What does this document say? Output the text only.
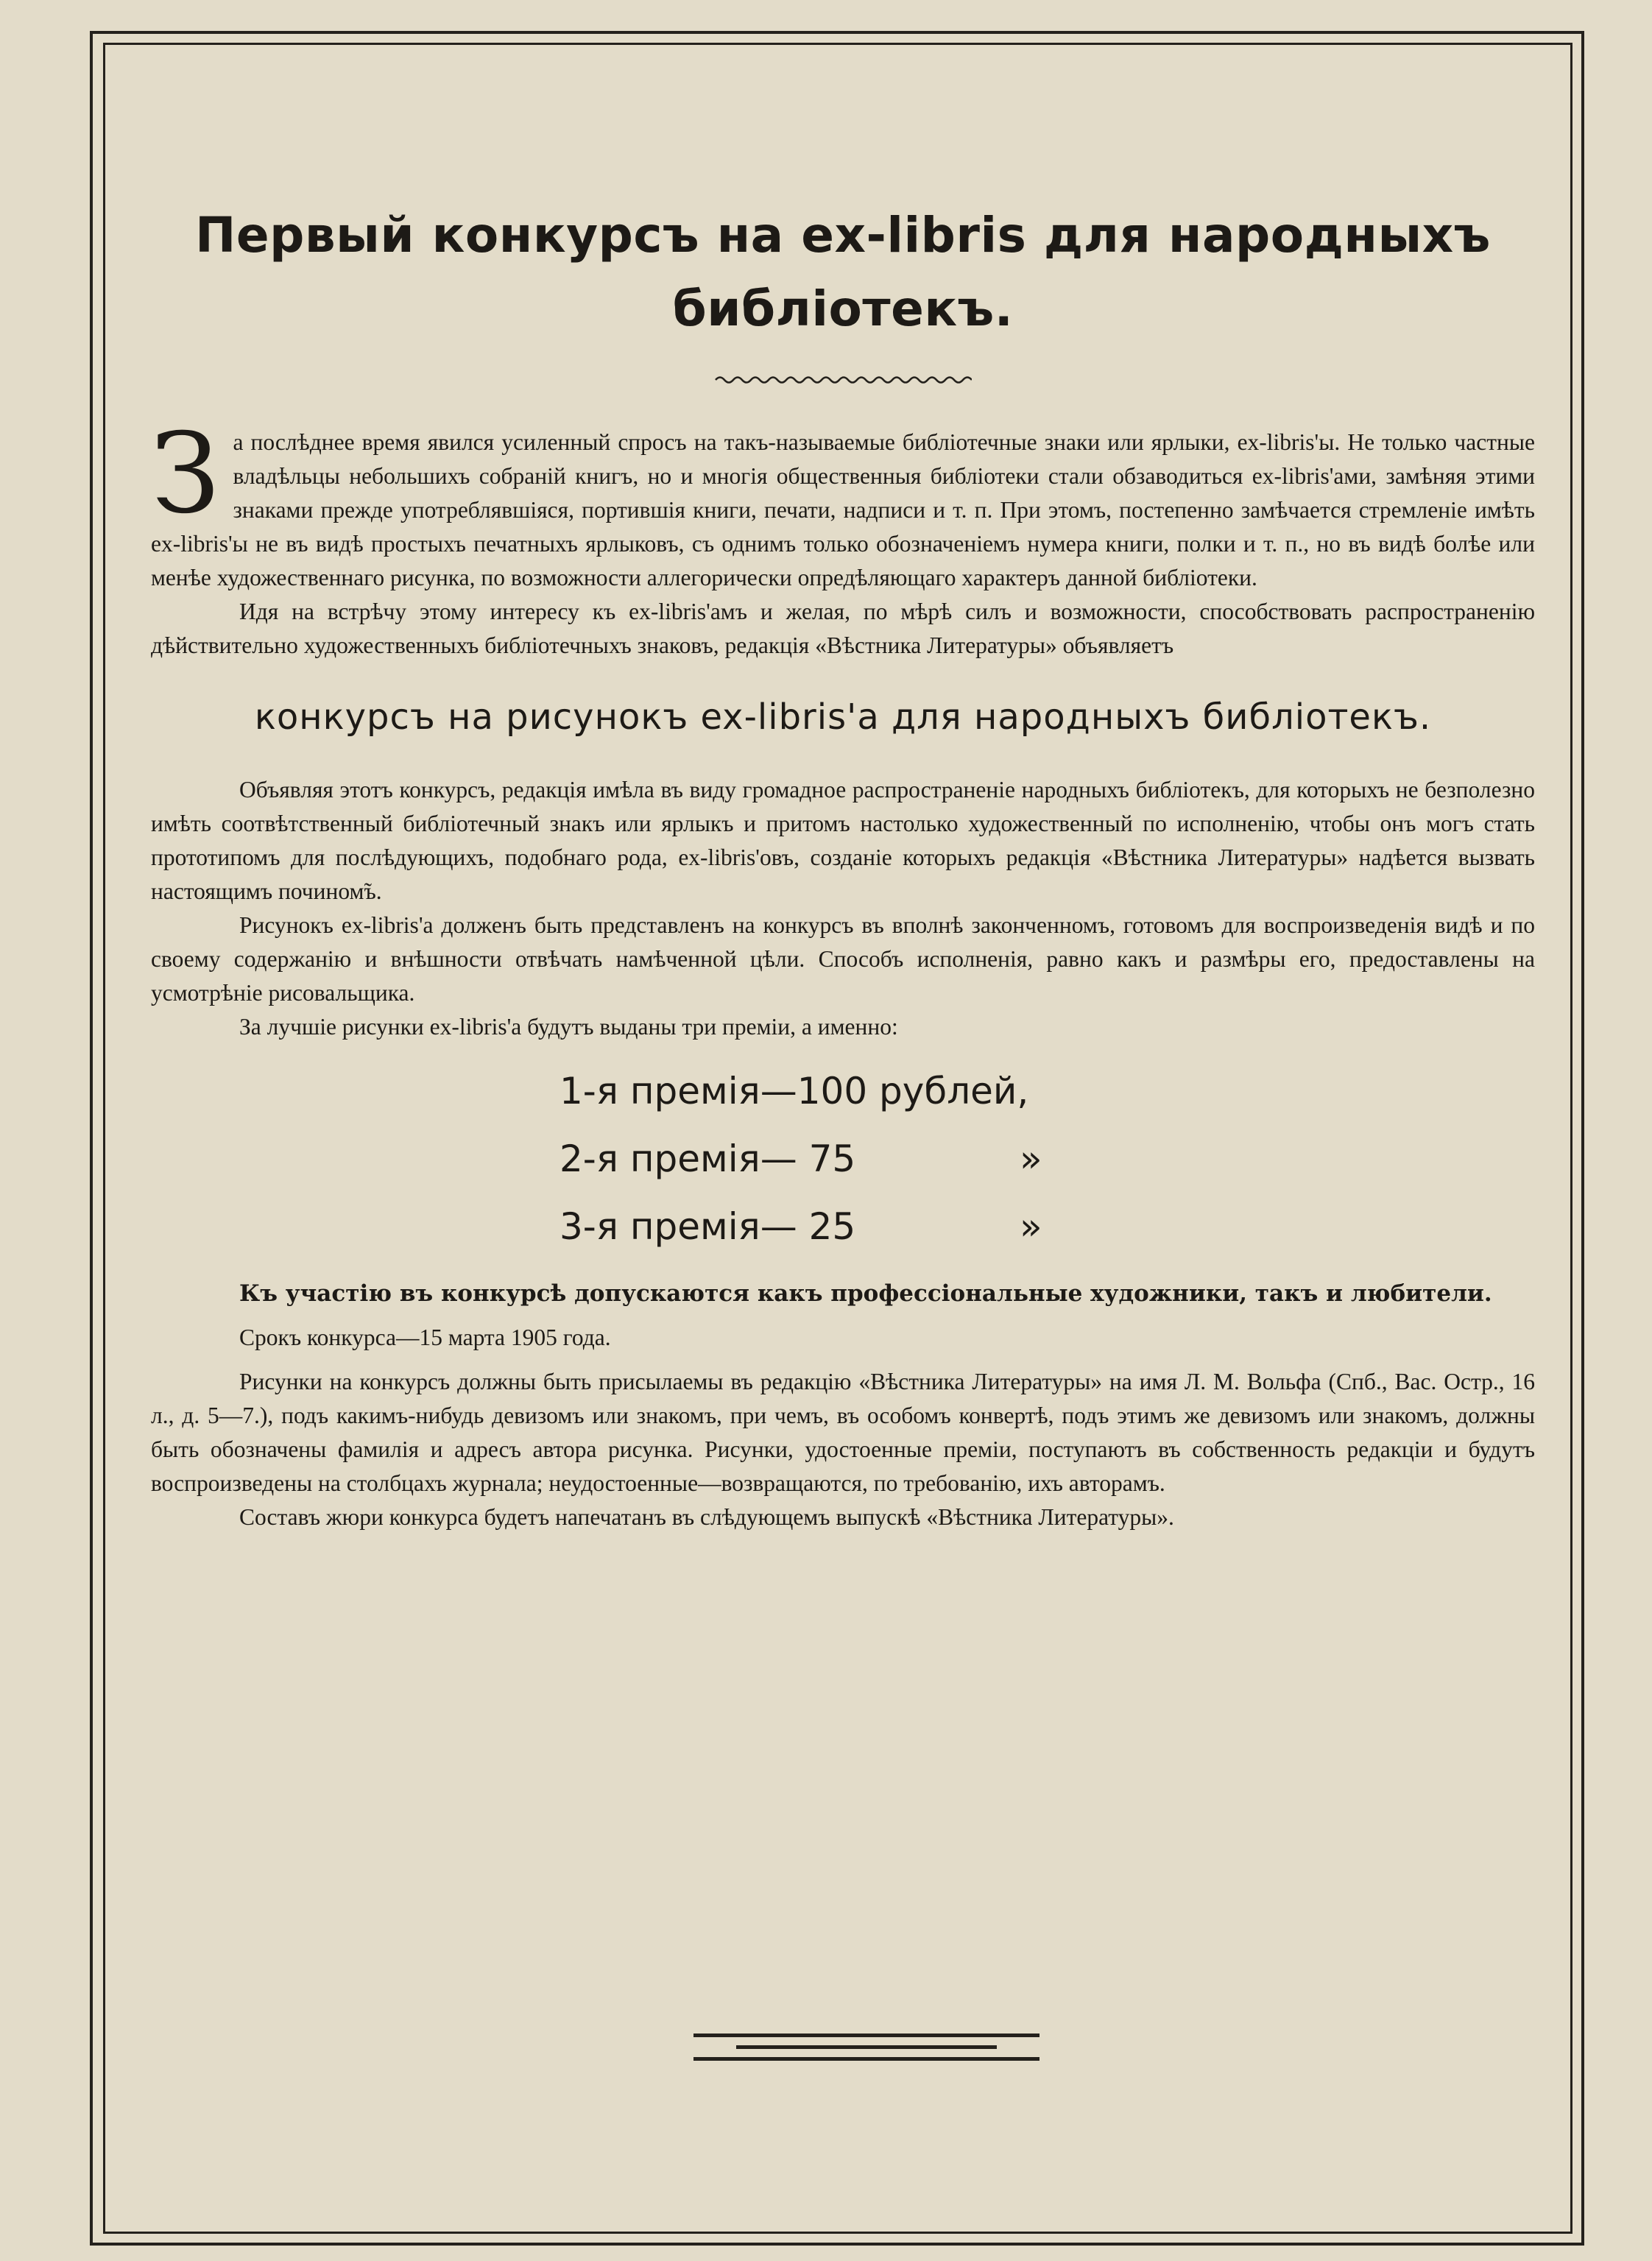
Первый конкурсъ на ex-libris для народныхъ
библіотекъ.

За послѣднее время явился усиленный спросъ на такъ-называемые библіотечные знаки или ярлыки, ex-libris'ы. Не только частные владѣльцы небольшихъ собраній книгъ, но и многія общественныя библіотеки стали обзаводиться ex-libris'ами, замѣняя этими знаками прежде употреблявшіяся, портившія книги, печати, надписи и т. п. При этомъ, постепенно замѣчается стремленіе имѣть ex-libris'ы не въ видѣ простыхъ печатныхъ ярлыковъ, съ однимъ только обозначеніемъ нумера книги, полки и т. п., но въ видѣ болѣе или менѣе художественнаго рисунка, по возможности аллегорически опредѣляющаго характеръ данной библіотеки.

Идя на встрѣчу этому интересу къ ex-libris'амъ и желая, по мѣрѣ силъ и возможности, способствовать распространенію дѣйствительно художественныхъ библіотечныхъ знаковъ, редакція «Вѣстника Литературы» объявляетъ

конкурсъ на рисунокъ ex-libris'а для народныхъ библіотекъ.

Объявляя этотъ конкурсъ, редакція имѣла въ виду громадное распространеніе народныхъ библіотекъ, для которыхъ не безполезно имѣть соотвѣтственный библіотечный знакъ или ярлыкъ и притомъ настолько художественный по исполненію, чтобы онъ могъ стать прототипомъ для послѣдующихъ, подобнаго рода, ex-libris'овъ, созданіе которыхъ редакція «Вѣстника Литературы» надѣется вызвать настоящимъ почином̃ъ.

Рисунокъ ex-libris'а долженъ быть представленъ на конкурсъ въ вполнѣ законченномъ, готовомъ для воспроизведенія видѣ и по своему содержанію и внѣшности отвѣчать намѣченной цѣли. Способъ исполненія, равно какъ и размѣры его, предоставлены на усмотрѣніе рисовальщика.

За лучшіе рисунки ex-libris'а будутъ выданы три преміи, а именно:

1-я премія—100 рублей,
2-я премія— 75	»
3-я премія— 25	»

Къ участію въ конкурсѣ допускаются какъ профессіональные художники, такъ и любители.

Срокъ конкурса—15 марта 1905 года.

Рисунки на конкурсъ должны быть присылаемы въ редакцію «Вѣстника Литературы» на имя Л. М. Вольфа (Спб., Вас. Остр., 16 л., д. 5—7.), подъ какимъ-нибудь девизомъ или знакомъ, при чемъ, въ особомъ конвертѣ, подъ этимъ же девизомъ или знакомъ, должны быть обозначены фамилія и адресъ автора рисунка. Рисунки, удостоенные преміи, поступаютъ въ собственность редакціи и будутъ воспроизведены на столбцахъ журнала; неудостоенные—возвращаются, по требованію, ихъ авторамъ.

Составъ жюри конкурса будетъ напечатанъ въ слѣдующемъ выпускѣ «Вѣстника Литературы».
